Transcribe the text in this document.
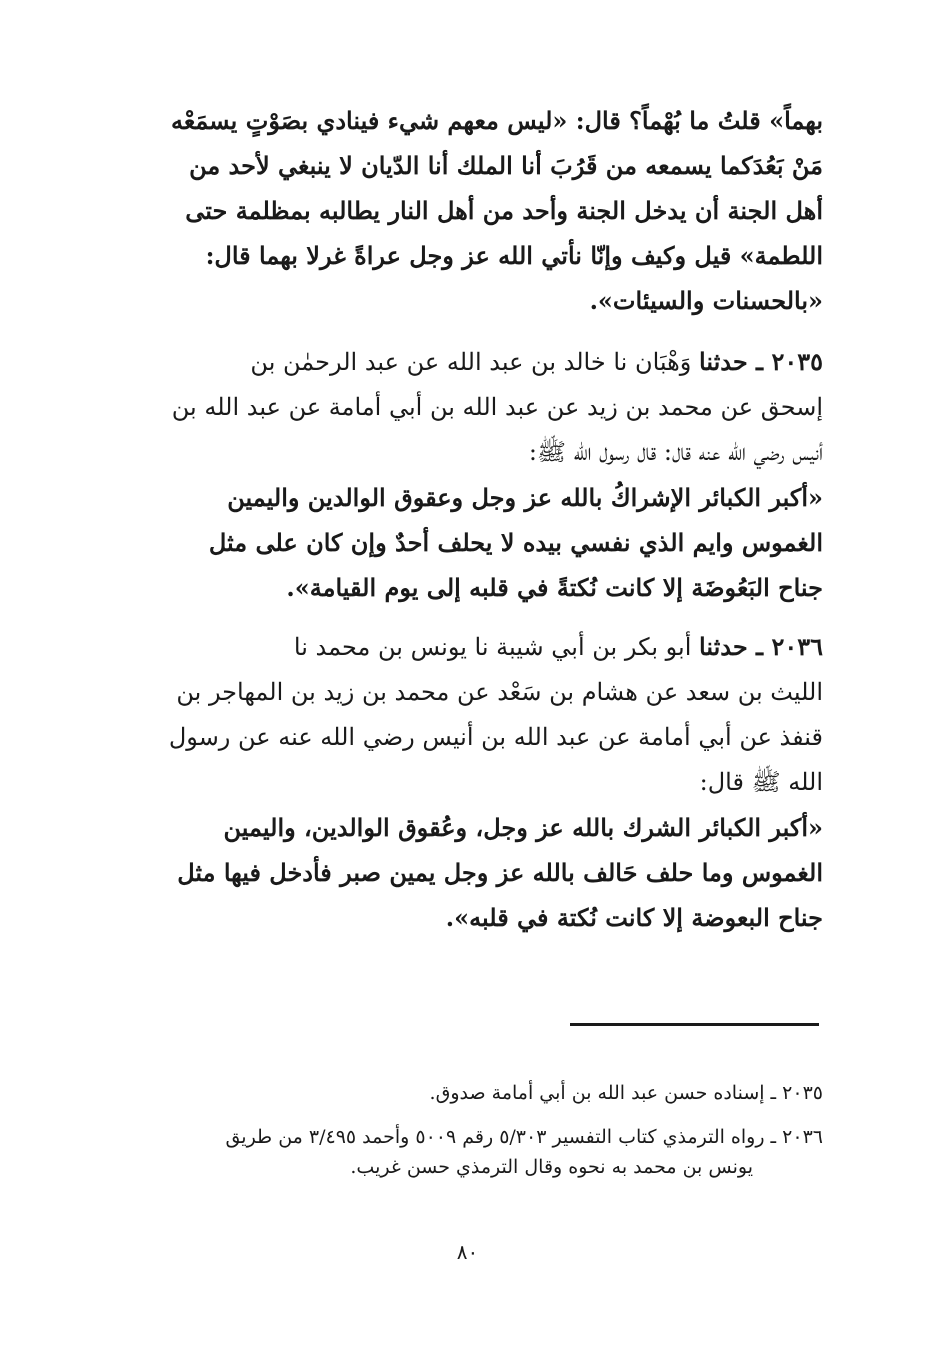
بهماً» قلتُ ما بُهْماً؟ قال: «ليس معهم شيء فينادي بصَوْتٍ يسمَعْه
مَنْ بَعُدَكما يسمعه من قَرُبَ أنا الملك أنا الدّيان لا ينبغي لأحد من
أهل الجنة أن يدخل الجنة وأحد من أهل النار يطالبه بمظلمة حتى
اللطمة» قيل وكيف وإنّا نأتي الله عز وجل عراةً غرلا بهما قال:
«بالحسنات والسيئات».

٢٠٣٥ ـ حدثنا وَهْبَان نا خالد بن عبد الله عن عبد الرحمٰن بن
إسحق عن محمد بن زيد عن عبد الله بن أبي أمامة عن عبد الله بن
أنيس رضي الله عنه قال: قال رسول الله ﷺ:

«أكبر الكبائر الإشراكُ بالله عز وجل وعقوق الوالدين واليمين
الغموس وايم الذي نفسي بيده لا يحلف أحدٌ وإن كان على مثل
جناح البَعُوضَة إلا كانت نُكتةً في قلبه إلى يوم القيامة».

٢٠٣٦ ـ حدثنا أبو بكر بن أبي شيبة نا يونس بن محمد نا
الليث بن سعد عن هشام بن سَعْد عن محمد بن زيد بن المهاجر بن
قنفذ عن أبي أمامة عن عبد الله بن أنيس رضي الله عنه عن رسول
الله ﷺ قال:

«أكبر الكبائر الشرك بالله عز وجل، وعُقوق الوالدين، واليمين
الغموس وما حلف حَالف بالله عز وجل يمين صبر فأدخل فيها مثل
جناح البعوضة إلا كانت نُكتة في قلبه».

٢٠٣٥ ـ إسناده حسن عبد الله بن أبي أمامة صدوق.

٢٠٣٦ ـ رواه الترمذي كتاب التفسير ٥/٣٠٣ رقم ٥٠٠٩ وأحمد ٣/٤٩٥ من طريق
يونس بن محمد به نحوه وقال الترمذي حسن غريب.

٨٠
